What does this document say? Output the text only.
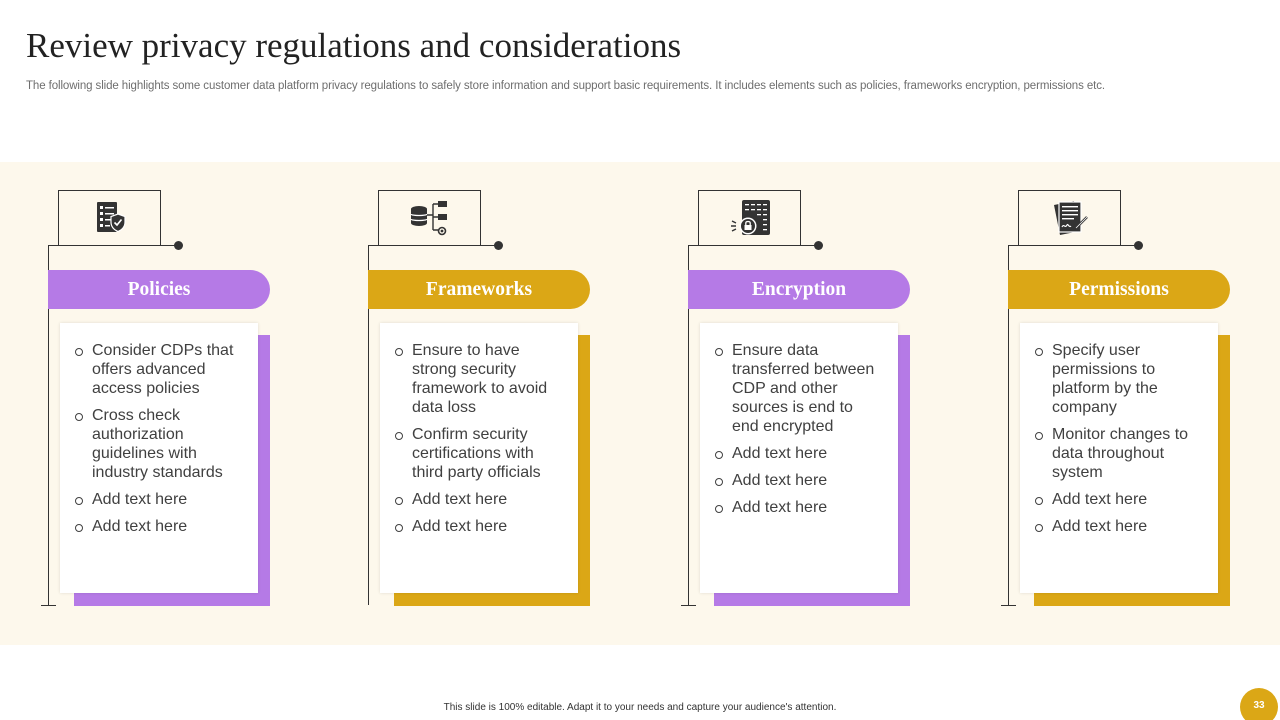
Review privacy regulations and considerations
The following slide highlights some customer data platform privacy regulations to safely store information and support basic requirements. It includes elements such as policies, frameworks encryption, permissions etc.
Policies
Consider CDPs that offers advanced access policies
Cross check authorization guidelines with industry standards
Add text here
Add text here
Frameworks
Ensure to have strong security framework to avoid data loss
Confirm security certifications with third party officials
Add text here
Add text here
Encryption
Ensure data transferred between CDP and other sources is end to end encrypted
Add text here
Add text here
Add text here
Permissions
Specify user permissions to platform by the company
Monitor changes to data throughout system
Add text here
Add text here
This slide is 100% editable. Adapt it to your needs and capture your audience's attention.	33
